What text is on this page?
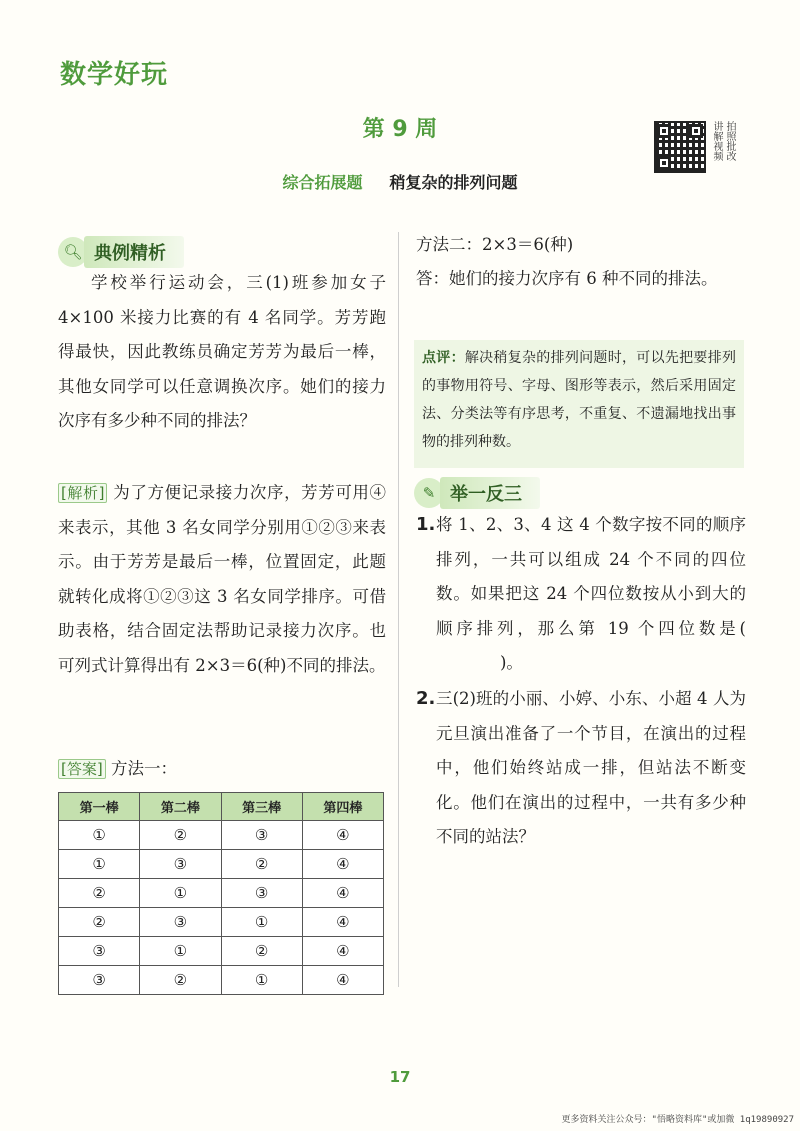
数学好玩
第 9 周	讲解视频 拍照批改
综合拓展题 稍复杂的排列问题
🔍︎ 典例精析
学校举行运动会，三(1)班参加女子 4×100 米接力比赛的有 4 名同学。芳芳跑得最快，因此教练员确定芳芳为最后一棒，其他女同学可以任意调换次序。她们的接力次序有多少种不同的排法？
[解析] 为了方便记录接力次序，芳芳可用④来表示，其他 3 名女同学分别用①②③来表示。由于芳芳是最后一棒，位置固定，此题就转化成将①②③这 3 名女同学排序。可借助表格，结合固定法帮助记录接力次序。也可列式计算得出有 2×3＝6(种)不同的排法。
[答案] 方法一：
第一棒	第二棒	第三棒	第四棒
①	②	③	④
①	③	②	④
②	①	③	④
②	③	①	④
③	①	②	④
③	②	①	④
方法二：2×3＝6(种)
答：她们的接力次序有 6 种不同的排法。
点评：解决稍复杂的排列问题时，可以先把要排列的事物用符号、字母、图形等表示，然后采用固定法、分类法等有序思考，不重复、不遗漏地找出事物的排列种数。
✎ 举一反三
1. 将 1、2、3、4 这 4 个数字按不同的顺序排列，一共可以组成 24 个不同的四位数。如果把这 24 个四位数按从小到大的顺序排列，那么第 19 个四位数是()。
2. 三(2)班的小丽、小婷、小东、小超 4 人为元旦演出准备了一个节目，在演出的过程中，他们始终站成一排，但站法不断变化。他们在演出的过程中，一共有多少种不同的站法？
17
更多资料关注公众号："悟略资料库"或加微 1q19890927
